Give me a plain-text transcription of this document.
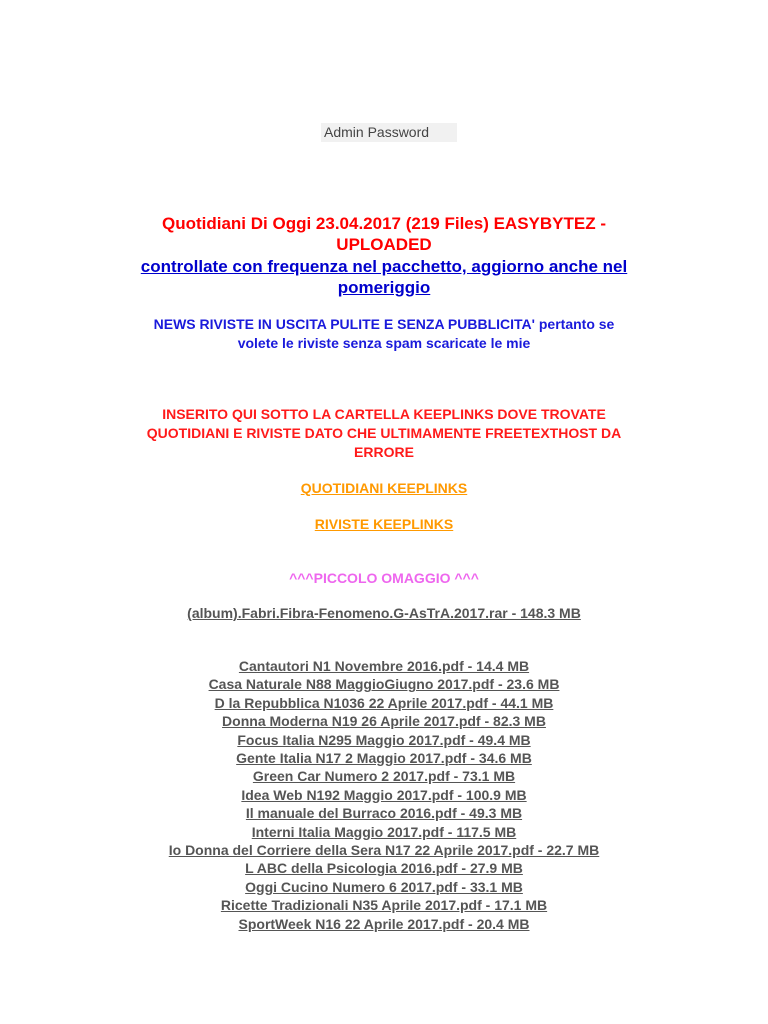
Admin Password
Quotidiani Di Oggi 23.04.2017 (219 Files) EASYBYTEZ -
UPLOADED
controllate con frequenza nel pacchetto, aggiorno anche nel
pomeriggio
NEWS RIVISTE IN USCITA PULITE E SENZA PUBBLICITA' pertanto se
volete le riviste senza spam scaricate le mie
INSERITO QUI SOTTO LA CARTELLA KEEPLINKS DOVE TROVATE
QUOTIDIANI E RIVISTE DATO CHE ULTIMAMENTE FREETEXTHOST DA
ERRORE
QUOTIDIANI KEEPLINKS
RIVISTE KEEPLINKS
^^^PICCOLO OMAGGIO ^^^
(album).Fabri.Fibra-Fenomeno.G-AsTrA.2017.rar - 148.3 MB
Cantautori N1 Novembre 2016.pdf - 14.4 MB
Casa Naturale N88 MaggioGiugno 2017.pdf - 23.6 MB
D la Repubblica N1036 22 Aprile 2017.pdf - 44.1 MB
Donna Moderna N19 26 Aprile 2017.pdf - 82.3 MB
Focus Italia N295 Maggio 2017.pdf - 49.4 MB
Gente Italia N17 2 Maggio 2017.pdf - 34.6 MB
Green Car Numero 2 2017.pdf - 73.1 MB
Idea Web N192 Maggio 2017.pdf - 100.9 MB
Il manuale del Burraco 2016.pdf - 49.3 MB
Interni Italia Maggio 2017.pdf - 117.5 MB
Io Donna del Corriere della Sera N17 22 Aprile 2017.pdf - 22.7 MB
L ABC della Psicologia 2016.pdf - 27.9 MB
Oggi Cucino Numero 6 2017.pdf - 33.1 MB
Ricette Tradizionali N35 Aprile 2017.pdf - 17.1 MB
SportWeek N16 22 Aprile 2017.pdf - 20.4 MB
